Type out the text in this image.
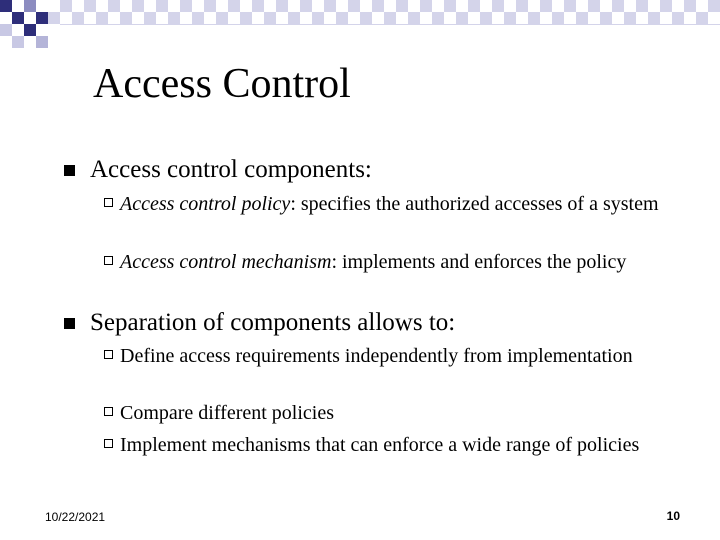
Access Control
Access control components:
Access control policy: specifies the authorized accesses of a system
Access control mechanism: implements and enforces the policy
Separation of components allows to:
Define access requirements independently from implementation
Compare different policies
Implement mechanisms that can enforce a wide range of policies
10/22/2021	10
